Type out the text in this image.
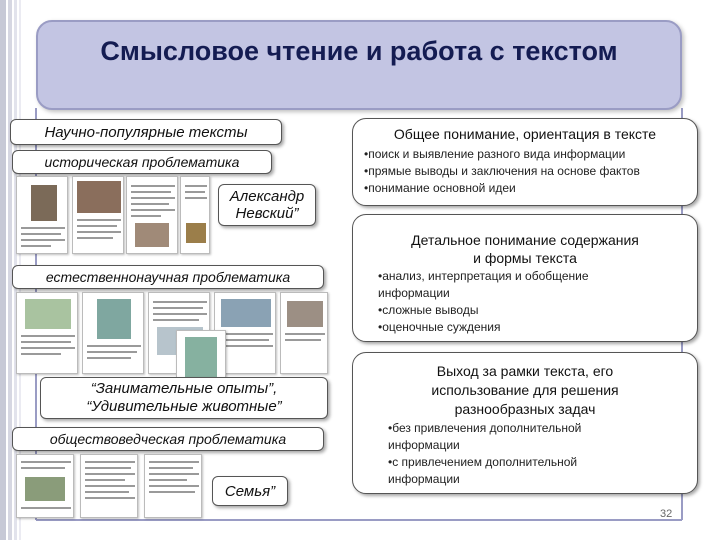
Смысловое чтение и работа с текстом
Научно-популярные тексты
историческая проблематика
Александр
Невский”
естественнонаучная проблематика
“Занимательные опыты”,
“Удивительные животные”
обществоведческая проблематика
Семья”
Общее понимание, ориентация в тексте
•поиск и выявление разного вида информации
•прямые выводы и заключения на основе фактов
•понимание основной идеи
Детальное понимание содержания
и формы текста
•анализ, интерпретация и обобщение
информации
•сложные выводы
•оценочные суждения
Выход за рамки текста, его
использование для решения
разнообразных задач
•без привлечения дополнительной
информации
•с привлечением дополнительной
информации
32
